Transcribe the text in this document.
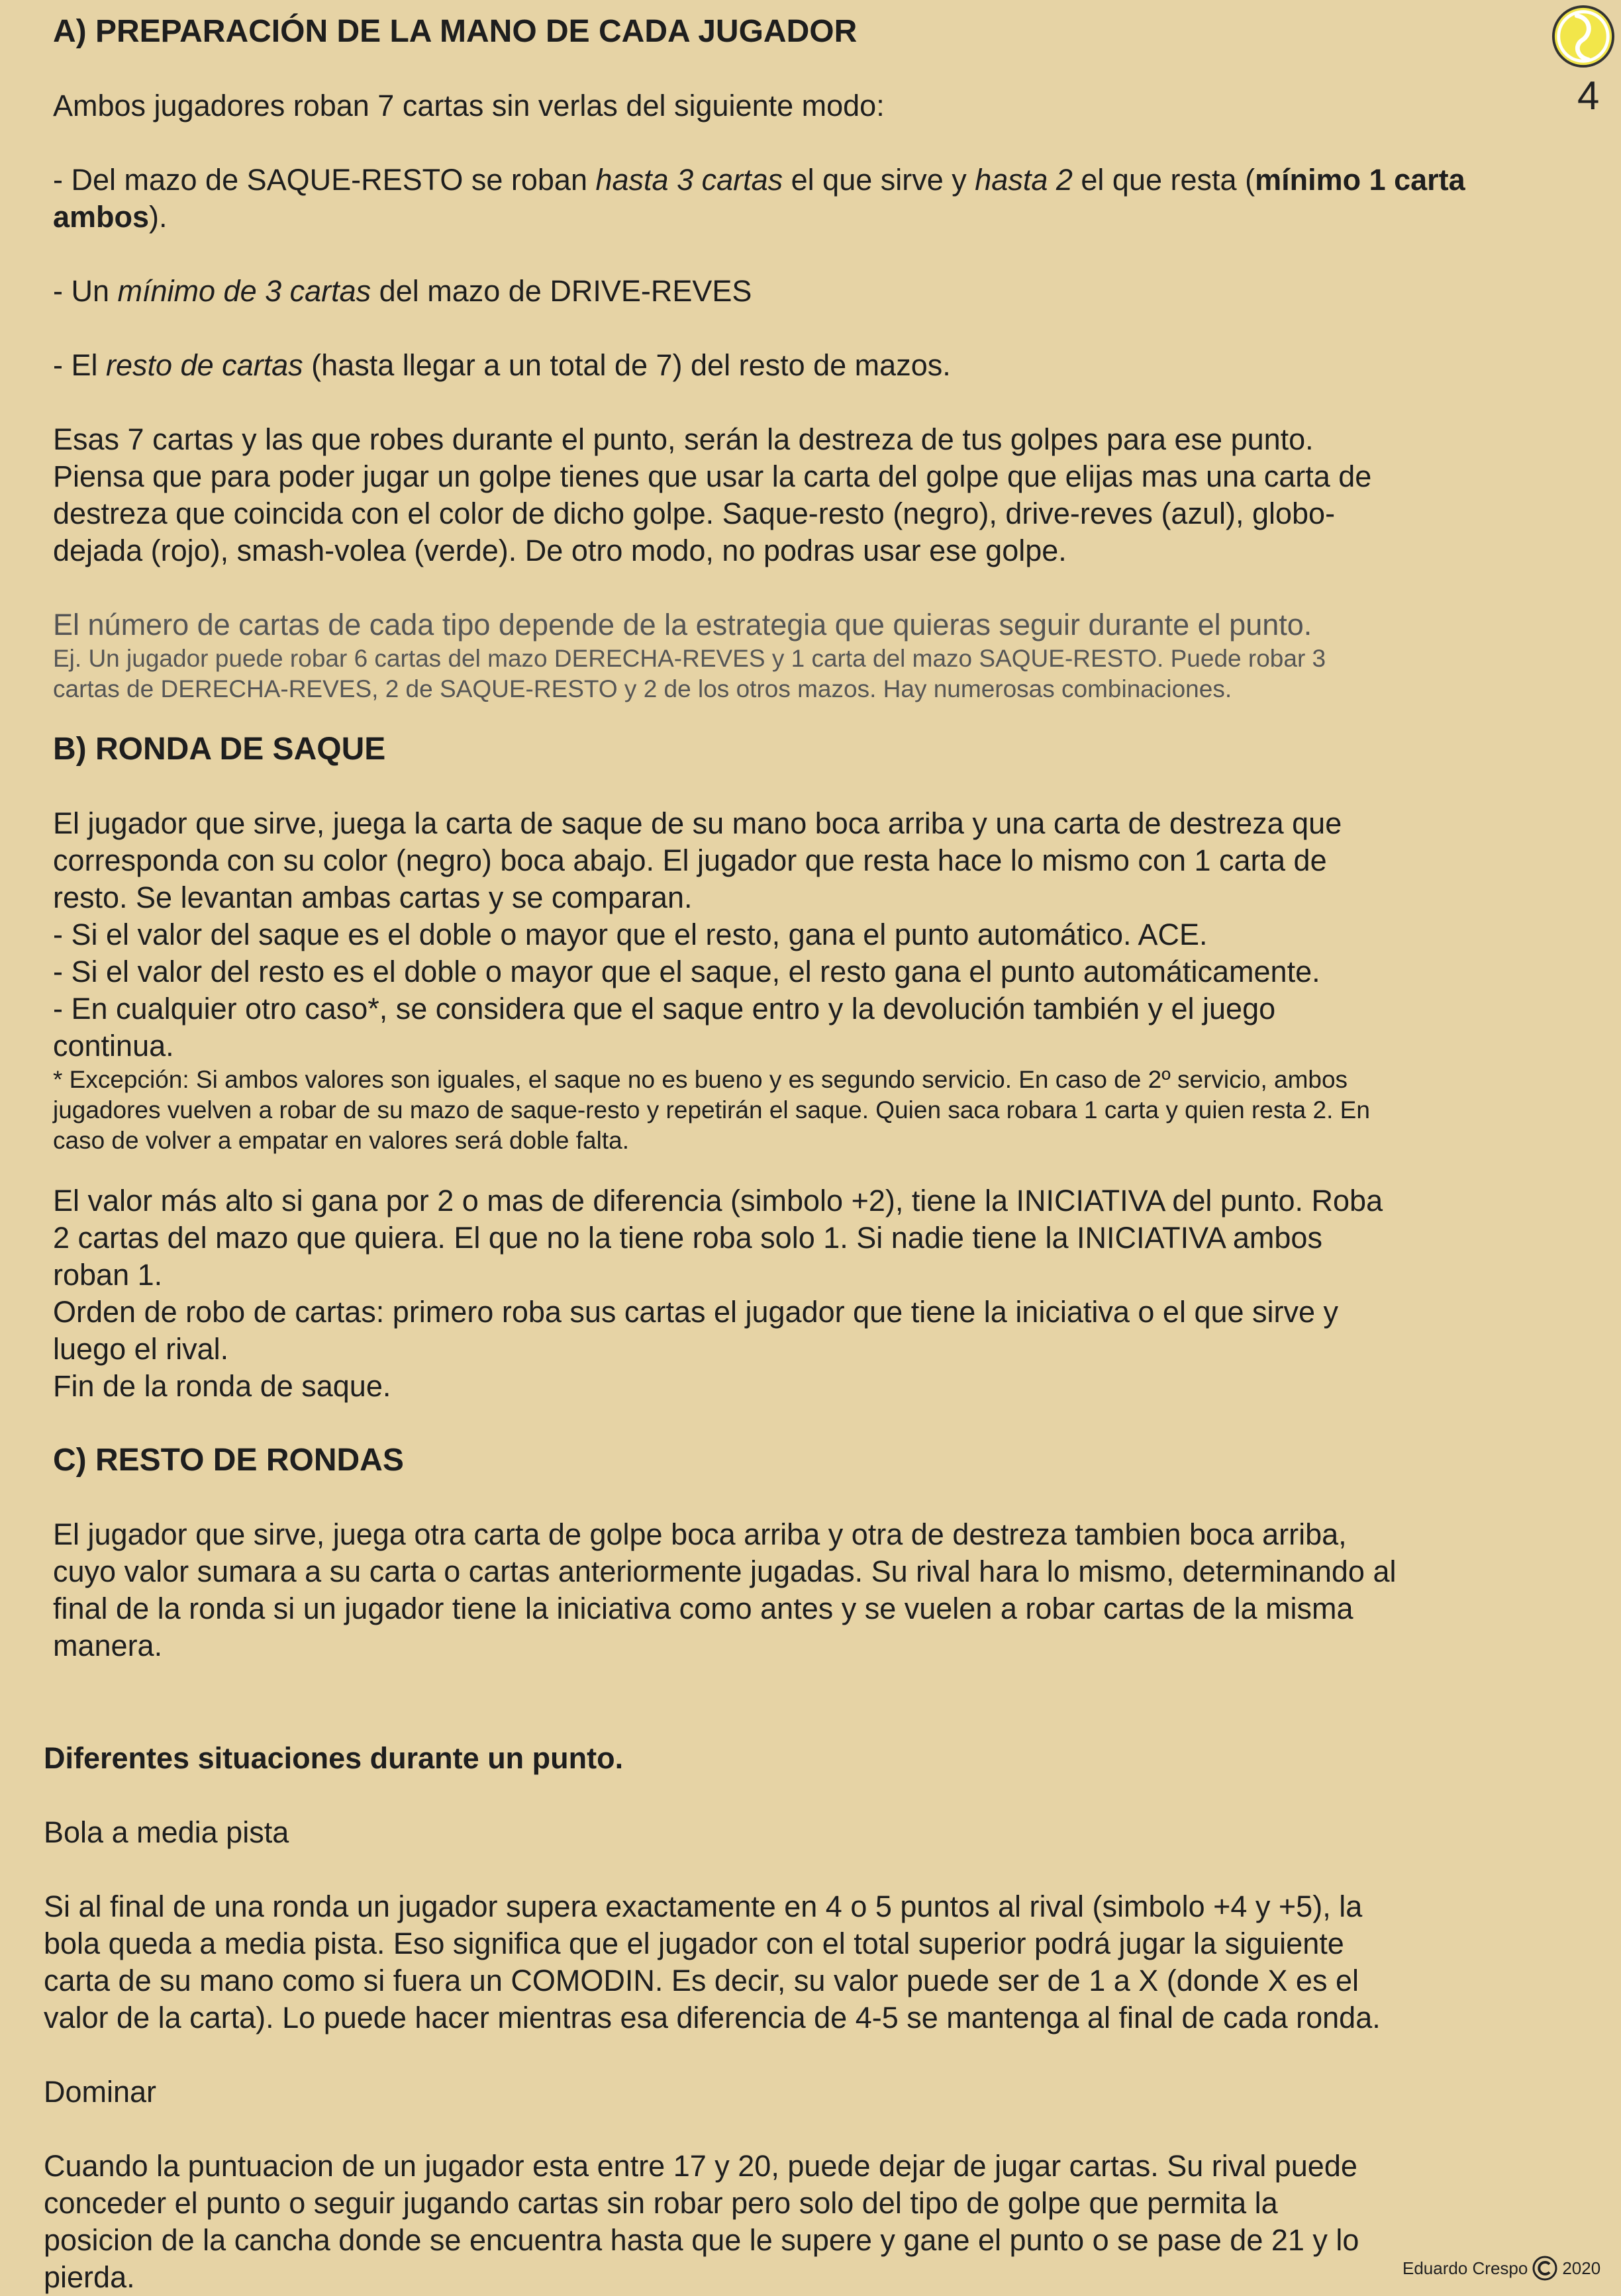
4

A) PREPARACIÓN DE LA MANO DE CADA JUGADOR

Ambos jugadores roban 7 cartas sin verlas del siguiente modo:

- Del mazo de SAQUE-RESTO se roban hasta 3 cartas el que sirve y hasta 2 el que resta (mínimo 1 carta ambos).

- Un mínimo de 3 cartas del mazo de DRIVE-REVES

- El resto de cartas (hasta llegar a un total de 7) del resto de mazos.

Esas 7 cartas y las que robes durante el punto, serán la destreza de tus golpes para ese punto.

Piensa que para poder jugar un golpe tienes que usar la carta del golpe que elijas mas una carta de

destreza que coincida con el color de dicho golpe. Saque-resto (negro), drive-reves (azul), globo-

dejada (rojo), smash-volea (verde). De otro modo, no podras usar ese golpe.

El número de cartas de cada tipo depende de la estrategia que quieras seguir durante el punto.

Ej. Un jugador puede robar 6 cartas del mazo DERECHA-REVES y 1 carta del mazo SAQUE-RESTO. Puede robar 3

cartas de DERECHA-REVES, 2 de SAQUE-RESTO y 2 de los otros mazos. Hay numerosas combinaciones.

B) RONDA DE SAQUE

El jugador que sirve, juega la carta de saque de su mano boca arriba y una carta de destreza que

corresponda con su color (negro) boca abajo. El jugador que resta hace lo mismo con 1 carta de

resto. Se levantan ambas cartas y se comparan.

- Si el valor del saque es el doble o mayor que el resto, gana el punto automático. ACE.

- Si el valor del resto es el doble o mayor que el saque, el resto gana el punto automáticamente.

- En cualquier otro caso*, se considera que el saque entro y la devolución también y el juego

continua.

* Excepción: Si ambos valores son iguales, el saque no es bueno y es segundo servicio. En caso de 2º servicio, ambos

jugadores vuelven a robar de su mazo de saque-resto y repetirán el saque. Quien saca robara 1 carta y quien resta 2. En

caso de volver a empatar en valores será doble falta.

El valor más alto si gana por 2 o mas de diferencia (simbolo +2), tiene la INICIATIVA del punto. Roba

2 cartas del mazo que quiera. El que no la tiene roba solo 1. Si nadie tiene la INICIATIVA ambos

roban 1.

Orden de robo de cartas: primero roba sus cartas el jugador que tiene la iniciativa o el que sirve y

luego el rival.

Fin de la ronda de saque.

C) RESTO DE RONDAS

El jugador que sirve, juega otra carta de golpe boca arriba y otra de destreza tambien boca arriba,

cuyo valor sumara a su carta o cartas anteriormente jugadas. Su rival hara lo mismo, determinando al

final de la ronda si un jugador tiene la iniciativa como antes y se vuelen a robar cartas de la misma

manera.

Diferentes situaciones durante un punto.

Bola a media pista

Si al final de una ronda un jugador supera exactamente en 4 o 5 puntos al rival (simbolo +4 y +5), la

bola queda a media pista. Eso significa que el jugador con el total superior podrá jugar la siguiente

carta de su mano como si fuera un COMODIN. Es decir, su valor puede ser de 1 a X (donde X es el

valor de la carta). Lo puede hacer mientras esa diferencia de 4-5 se mantenga al final de cada ronda.

Dominar

Cuando la puntuacion de un jugador esta entre 17 y 20, puede dejar de jugar cartas. Su rival puede

conceder el punto o seguir jugando cartas sin robar pero solo del tipo de golpe que permita la

posicion de la cancha donde se encuentra hasta que le supere y gane el punto o se pase de 21 y lo

pierda.	Eduardo Crespo 2020
